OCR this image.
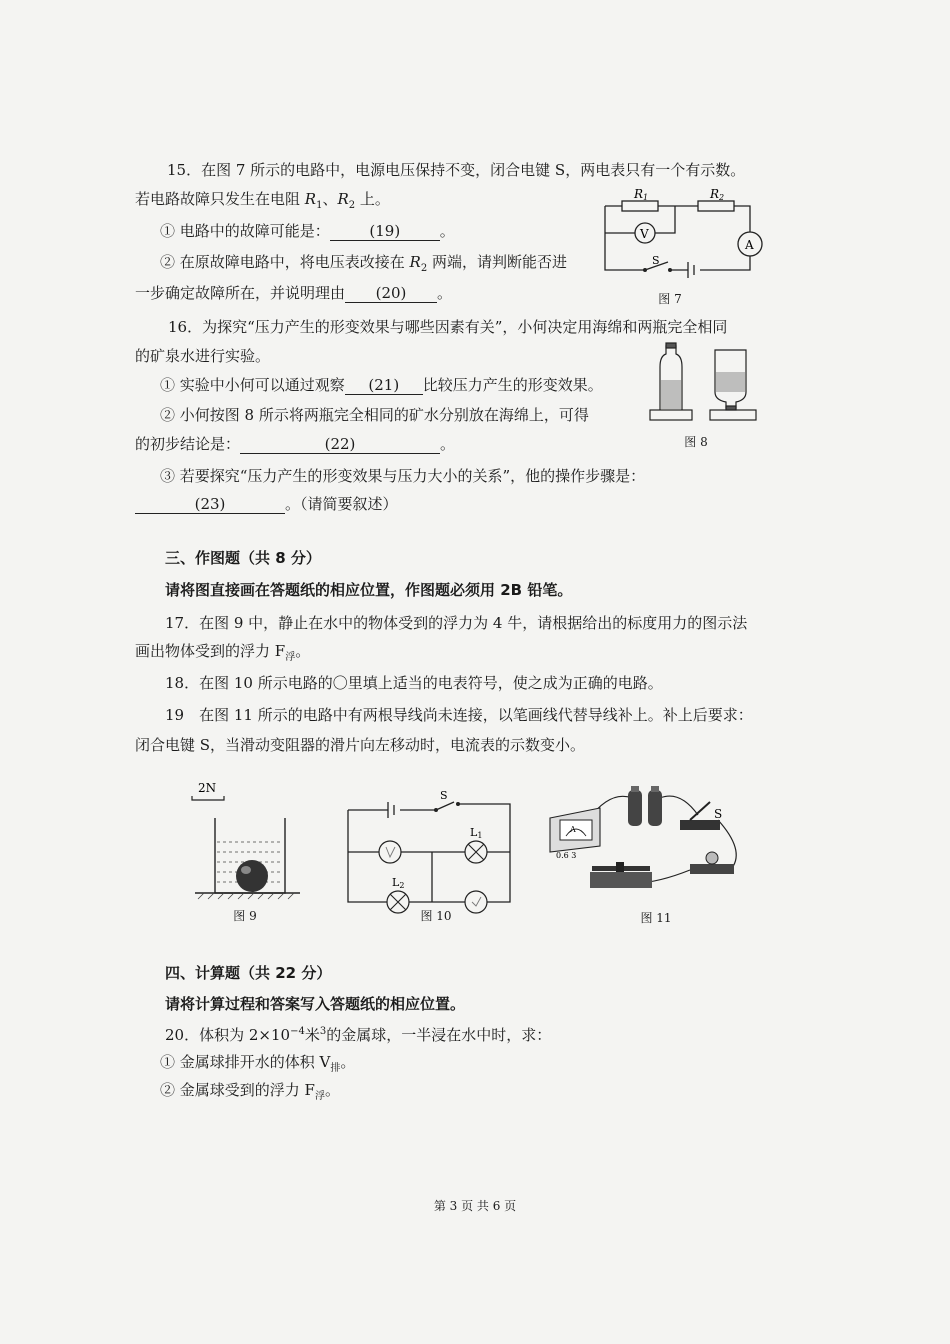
15．在图 7 所示的电路中，电源电压保持不变，闭合电键 S，两电表只有一个有示数。
若电路故障只发生在电阻 $R_1$、$R_2$ 上。
① 电路中的故障可能是：	(19)	。
② 在原故障电路中，将电压表改接在 $R_2$ 两端，请判断能否进
一步确定故障所在，并说明理由 (20) 。
R1	R2
V
A
S
图 7
16．为探究“压力产生的形变效果与哪些因素有关”，小何决定用海绵和两瓶完全相同
的矿泉水进行实验。
① 实验中小何可以通过观察 (21) 比较压力产生的形变效果。
② 小何按图 8 所示将两瓶完全相同的矿水分别放在海绵上，可得
的初步结论是：	(22)	。
③ 若要探究“压力产生的形变效果与压力大小的关系”，他的操作步骤是：
(23)	。（请简要叙述）
图 8
三、作图题（共 8 分）
请将图直接画在答题纸的相应位置，作图题必须用 2B 铅笔。
17．在图 9 中，静止在水中的物体受到的浮力为 4 牛，请根据给出的标度用力的图示法
画出物体受到的浮力 $F_浮$。
18．在图 10 所示电路的〇里填上适当的电表符号，使之成为正确的电路。
19　在图 11 所示的电路中有两根导线尚未连接，以笔画线代替导线补上。补上后要求：
闭合电键 S，当滑动变阻器的滑片向左移动时，电流表的示数变小。
2N
图 9
S
L1
L2
图 10
A
0.6 3
S
图 11
四、计算题（共 22 分）
请将计算过程和答案写入答题纸的相应位置。
20．体积为 $2\times 10^{-4}$米$^3$的金属球，一半浸在水中时，求：
① 金属球排开水的体积 $V_排$。
② 金属球受到的浮力 $F_浮$。
第 3 页 共 6 页
